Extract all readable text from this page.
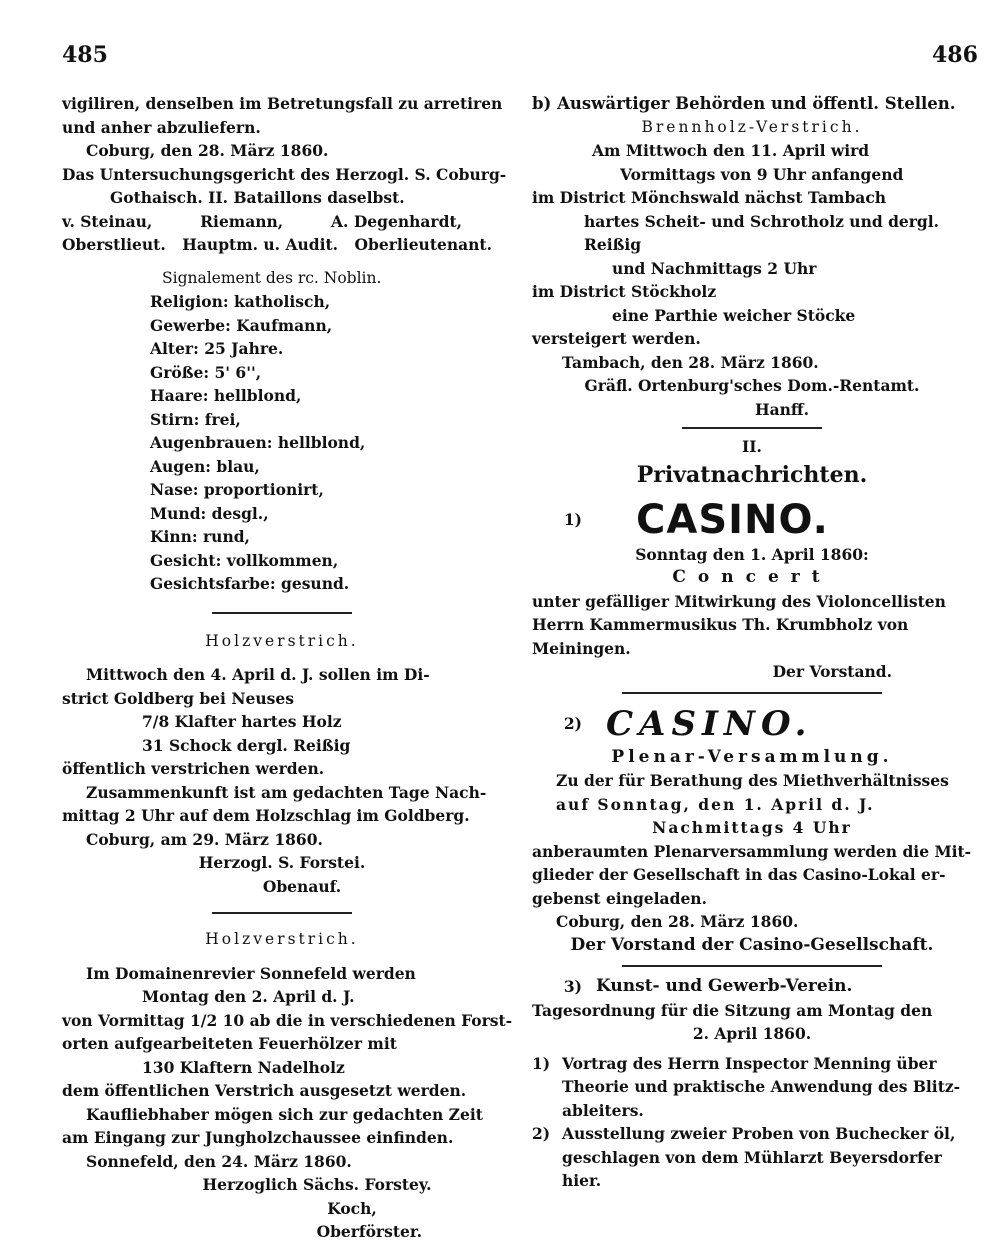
485	486
vigiliren, denselben im Betretungsfall zu arretiren
und anher abzuliefern.
Coburg, den 28. März 1860.
Das Untersuchungsgericht des Herzogl. S. Coburg-
Gothaisch. II. Bataillons daselbst.
v. Steinau,	Riemann,	A. Degenhardt,
Oberstlieut. Hauptm. u. Audit. Oberlieutenant.
Signalement des rc. Noblin.
Religion: katholisch,
Gewerbe: Kaufmann,
Alter: 25 Jahre.
Größe: 5' 6'',
Haare: hellblond,
Stirn: frei,
Augenbrauen: hellblond,
Augen: blau,
Nase: proportionirt,
Mund: desgl.,
Kinn: rund,
Gesicht: vollkommen,
Gesichtsfarbe: gesund.
Holzverstrich.
Mittwoch den 4. April d. J. sollen im Di-
strict Goldberg bei Neuses
7/8 Klafter hartes Holz
31 Schock dergl. Reißig
öffentlich verstrichen werden.
Zusammenkunft ist am gedachten Tage Nach-
mittag 2 Uhr auf dem Holzschlag im Goldberg.
Coburg, am 29. März 1860.
Herzogl. S. Forstei.
Obenauf.
Holzverstrich.
Im Domainenrevier Sonnefeld werden
Montag den 2. April d. J.
von Vormittag 1/2 10 ab die in verschiedenen Forst-
orten aufgearbeiteten Feuerhölzer mit
130 Klaftern Nadelholz
dem öffentlichen Verstrich ausgesetzt werden.
Kaufliebhaber mögen sich zur gedachten Zeit
am Eingang zur Jungholzchaussee einfinden.
Sonnefeld, den 24. März 1860.
Herzoglich Sächs. Forstey.
Koch,
Oberförster.
b) Auswärtiger Behörden und öffentl. Stellen.
Brennholz-Verstrich.
Am Mittwoch den 11. April wird
Vormittags von 9 Uhr anfangend
im District Mönchswald nächst Tambach
hartes Scheit- und Schrotholz und dergl.
Reißig
und Nachmittags 2 Uhr
im District Stöckholz
eine Parthie weicher Stöcke
versteigert werden.
Tambach, den 28. März 1860.
Gräfl. Ortenburg'sches Dom.-Rentamt.
Hanff.
II.
Privatnachrichten.
1) CASINO.
Sonntag den 1. April 1860:
Concert
unter gefälliger Mitwirkung des Violoncellisten
Herrn Kammermusikus Th. Krumbholz von
Meiningen.
Der Vorstand.
2) CASINO.
Plenar-Versammlung.
Zu der für Berathung des Miethverhältnisses
auf Sonntag, den 1. April d. J.
Nachmittags 4 Uhr
anberaumten Plenarversammlung werden die Mit-
glieder der Gesellschaft in das Casino-Lokal er-
gebenst eingeladen.
Coburg, den 28. März 1860.
Der Vorstand der Casino-Gesellschaft.
3) Kunst- und Gewerb-Verein.
Tagesordnung für die Sitzung am Montag den
2. April 1860.
1) Vortrag des Herrn Inspector Menning über
Theorie und praktische Anwendung des Blitz-
ableiters.
2) Ausstellung zweier Proben von Buchecker öl,
geschlagen von dem Mühlarzt Beyersdorfer
hier.
